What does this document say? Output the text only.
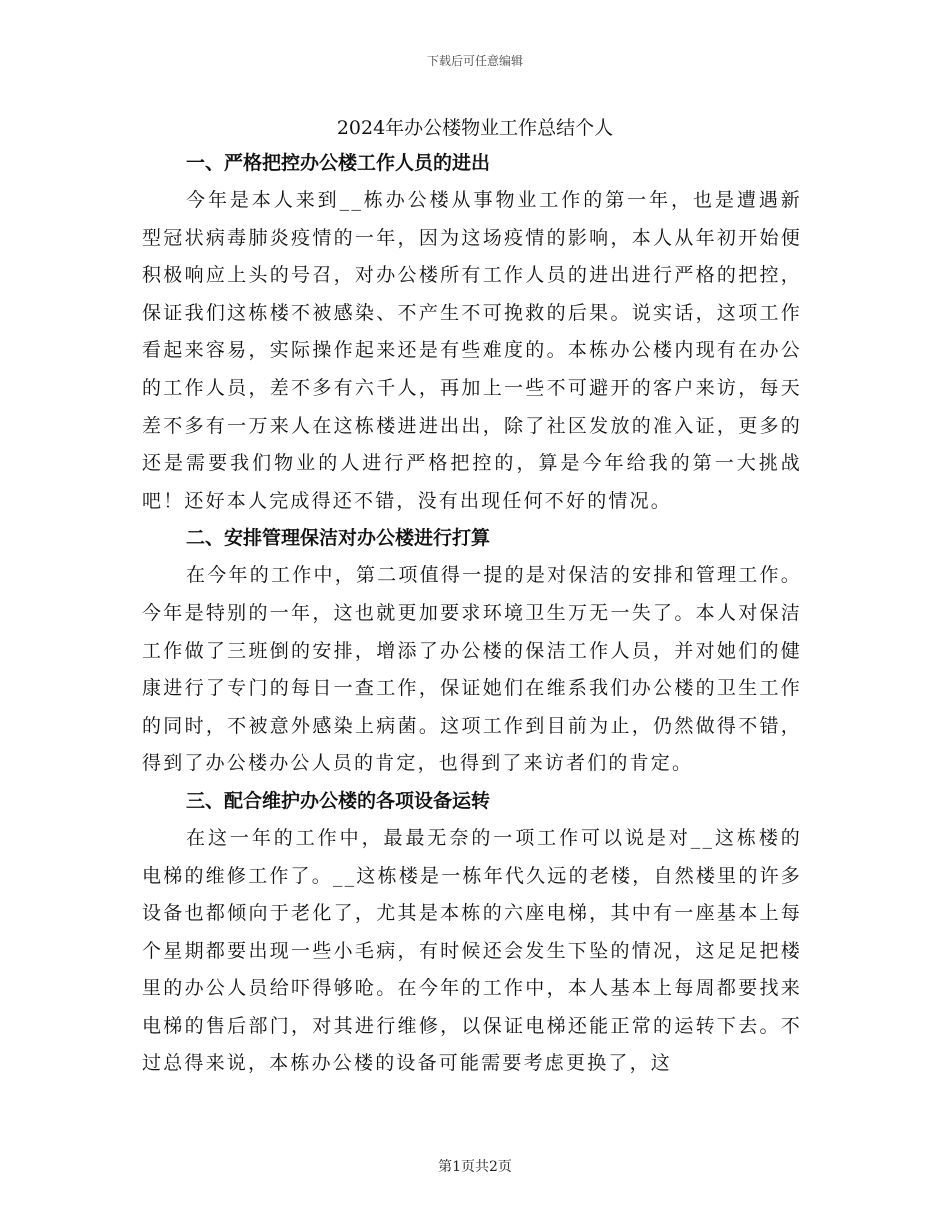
下载后可任意编辑
2024年办公楼物业工作总结个人

一、严格把控办公楼工作人员的进出

今年是本人来到__栋办公楼从事物业工作的第一年，也是遭遇新型冠状病毒肺炎疫情的一年，因为这场疫情的影响，本人从年初开始便积极响应上头的号召，对办公楼所有工作人员的进出进行严格的把控，保证我们这栋楼不被感染、不产生不可挽救的后果。说实话，这项工作看起来容易，实际操作起来还是有些难度的。本栋办公楼内现有在办公的工作人员，差不多有六千人，再加上一些不可避开的客户来访，每天差不多有一万来人在这栋楼进进出出，除了社区发放的准入证，更多的还是需要我们物业的人进行严格把控的，算是今年给我的第一大挑战吧！还好本人完成得还不错，没有出现任何不好的情况。

二、安排管理保洁对办公楼进行打算

在今年的工作中，第二项值得一提的是对保洁的安排和管理工作。今年是特别的一年，这也就更加要求环境卫生万无一失了。本人对保洁工作做了三班倒的安排，增添了办公楼的保洁工作人员，并对她们的健康进行了专门的每日一查工作，保证她们在维系我们办公楼的卫生工作的同时，不被意外感染上病菌。这项工作到目前为止，仍然做得不错，得到了办公楼办公人员的肯定，也得到了来访者们的肯定。

三、配合维护办公楼的各项设备运转

在这一年的工作中，最最无奈的一项工作可以说是对__这栋楼的电梯的维修工作了。__这栋楼是一栋年代久远的老楼，自然楼里的许多设备也都倾向于老化了，尤其是本栋的六座电梯，其中有一座基本上每个星期都要出现一些小毛病，有时候还会发生下坠的情况，这足足把楼里的办公人员给吓得够呛。在今年的工作中，本人基本上每周都要找来电梯的售后部门，对其进行维修，以保证电梯还能正常的运转下去。不过总得来说，本栋办公楼的设备可能需要考虑更换了，这

第1页共2页
